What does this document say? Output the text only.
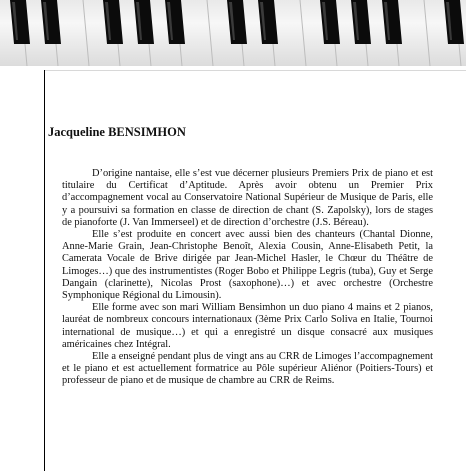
Jacqueline BENSIMHON

D’origine nantaise, elle s’est vue décerner plusieurs Premiers Prix de piano et est titulaire du Certificat d’Aptitude. Après avoir obtenu un Premier Prix d’accompagnement vocal au Conservatoire National Supérieur de Musique de Paris, elle y a poursuivi sa formation en classe de direction de chant (S. Zapolsky), lors de stages de pianoforte (J. Van Immerseel) et de direction d’orchestre (J.S. Béreau).

Elle s’est produite en concert avec aussi bien des chanteurs (Chantal Dionne, Anne-Marie Grain, Jean-Christophe Benoît, Alexia Cousin, Anne-Elisabeth Petit, la Camerata Vocale de Brive dirigée par Jean-Michel Hasler, le Chœur du Théâtre de Limoges…) que des instrumentistes (Roger Bobo et Philippe Legris (tuba), Guy et Serge Dangain (clarinette), Nicolas Prost (saxophone)…) et avec orchestre (Orchestre Symphonique Régional du Limousin).

Elle forme avec son mari William Bensimhon un duo piano 4 mains et 2 pianos, lauréat de nombreux concours internationaux (3ème Prix Carlo Soliva en Italie, Tournoi international de musique…) et qui a enregistré un disque consacré aux musiques américaines chez Intégral.

Elle a enseigné pendant plus de vingt ans au CRR de Limoges l’accompagnement et le piano et est actuellement formatrice au Pôle supérieur Aliénor (Poitiers-Tours) et professeur de piano et de musique de chambre au CRR de Reims.
